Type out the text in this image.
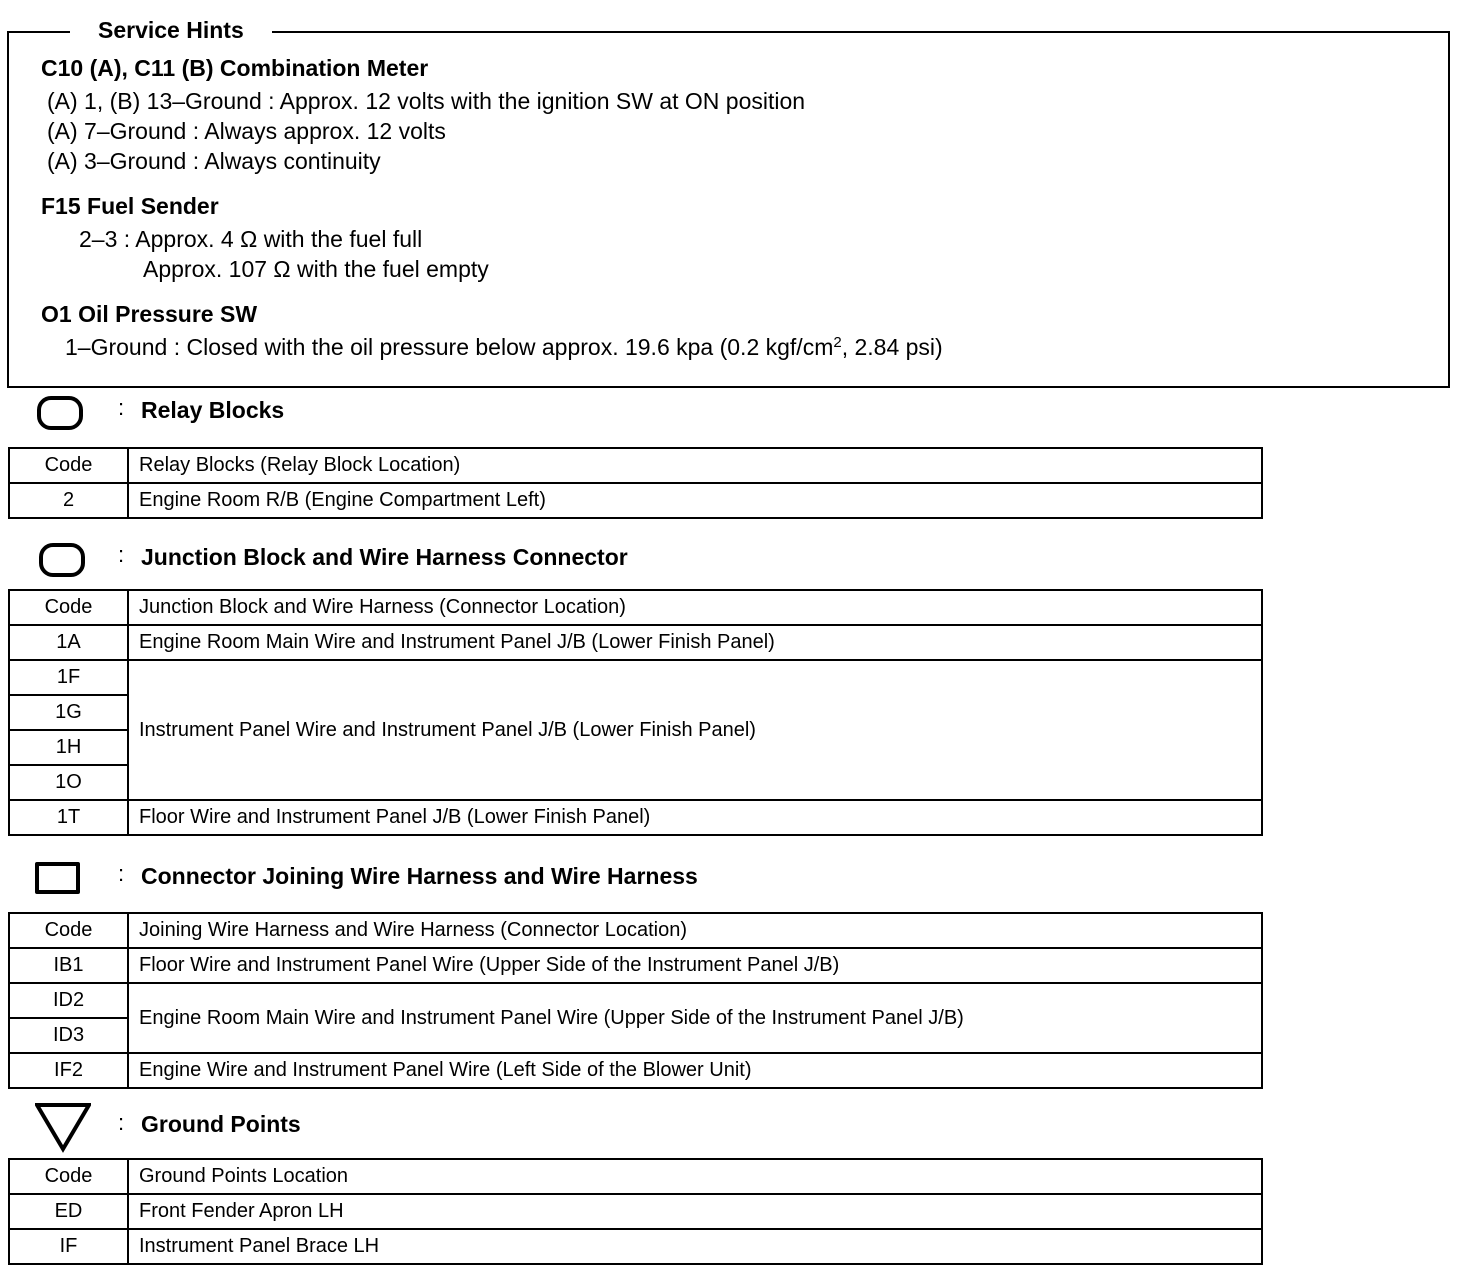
Service Hints
C10 (A), C11 (B) Combination Meter
(A) 1, (B) 13–Ground : Approx. 12 volts with the ignition SW at ON position
(A) 7–Ground : Always approx. 12 volts
(A) 3–Ground : Always continuity
F15 Fuel Sender
2–3 : Approx. 4 Ω with the fuel full
Approx. 107 Ω with the fuel empty
O1 Oil Pressure SW
1–Ground : Closed with the oil pressure below approx. 19.6 kpa (0.2 kgf/$cm^2$, 2.84 psi)
: Relay Blocks
Code	Relay Blocks (Relay Block Location)
2	Engine Room R/B (Engine Compartment Left)
: Junction Block and Wire Harness Connector
Code	Junction Block and Wire Harness (Connector Location)
1A	Engine Room Main Wire and Instrument Panel J/B (Lower Finish Panel)
1F	Instrument Panel Wire and Instrument Panel J/B (Lower Finish Panel)
1G	
1H	
1O	
1T	Floor Wire and Instrument Panel J/B (Lower Finish Panel)
: Connector Joining Wire Harness and Wire Harness
Code	Joining Wire Harness and Wire Harness (Connector Location)
IB1	Floor Wire and Instrument Panel Wire (Upper Side of the Instrument Panel J/B)
ID2	Engine Room Main Wire and Instrument Panel Wire (Upper Side of the Instrument Panel J/B)
ID3	
IF2	Engine Wire and Instrument Panel Wire (Left Side of the Blower Unit)
: Ground Points
Code	Ground Points Location
ED	Front Fender Apron LH
IF	Instrument Panel Brace LH
